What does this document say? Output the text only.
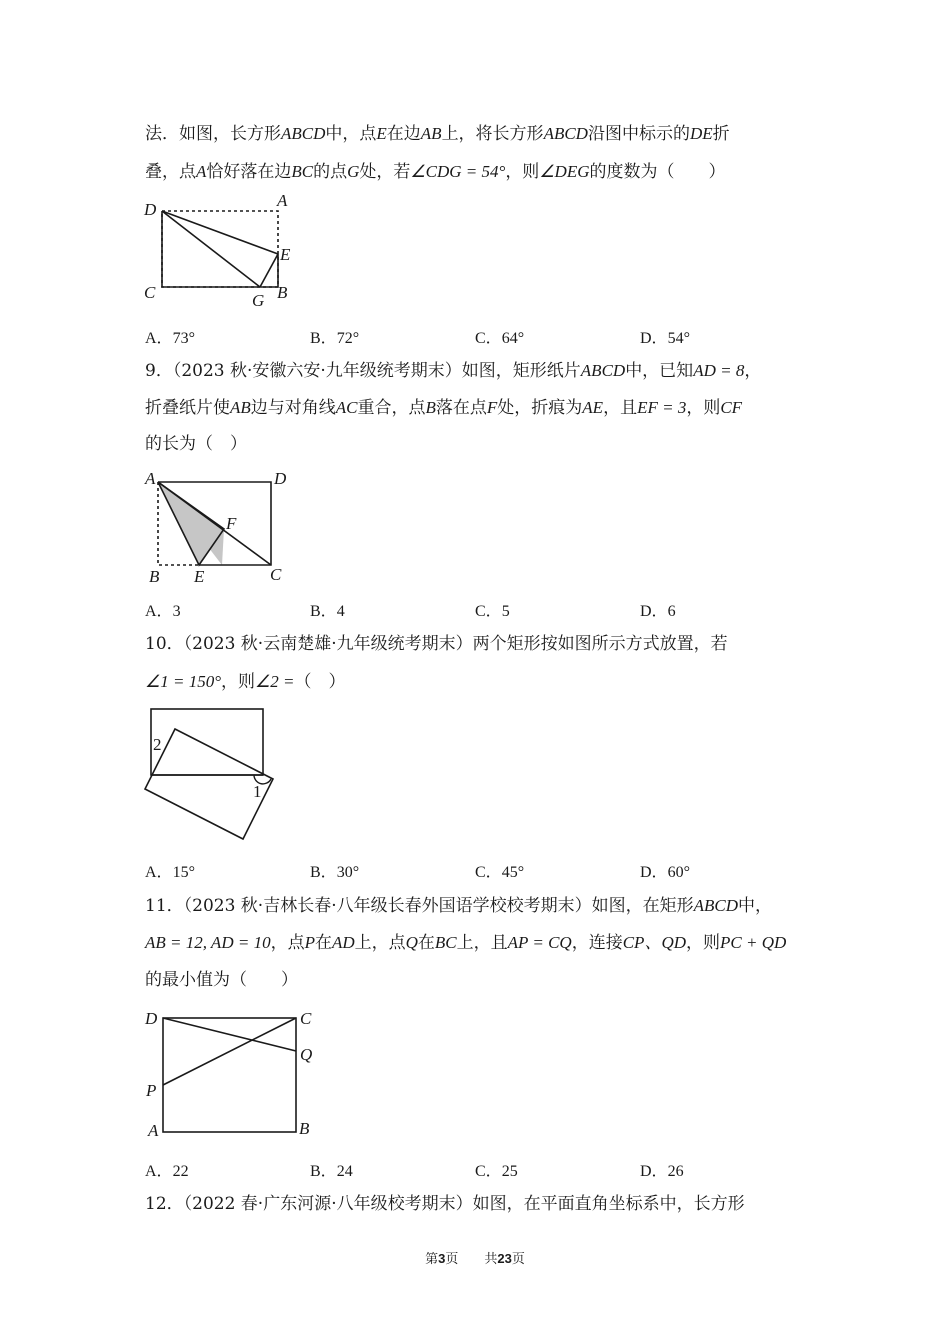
法．如图，长方形ABCD中，点E在边AB上，将长方形ABCD沿图中标示的DE折
叠，点A恰好落在边BC的点G处，若∠CDG = 54°，则∠DEG的度数为（　　）
D	A
E
C	G B
A．73°	B．72°	C．64°	D．54°
9．（2023 秋·安徽六安·九年级统考期末）如图，矩形纸片ABCD中，已知AD = 8，
折叠纸片使AB边与对角线AC重合，点B落在点F处，折痕为AE，且EF = 3，则CF
的长为（　）
A	D
F
B E	C
A．3	B．4	C．5	D．6
10．（2023 秋·云南楚雄·九年级统考期末）两个矩形按如图所示方式放置，若
∠1 = 150°，则∠2 =（　）
2
1
A．15°	B．30°	C．45°	D．60°
11．（2023 秋·吉林长春·八年级长春外国语学校校考期末）如图，在矩形ABCD中，
AB = 12, AD = 10，点P在AD上，点Q在BC上，且AP = CQ，连接CP、QD，则PC + QD
的最小值为（　　）
D	C
Q
P
A	B
A．22	B．24	C．25	D．26
12．（2022 春·广东河源·八年级校考期末）如图，在平面直角坐标系中，长方形
第3页　　共23页
